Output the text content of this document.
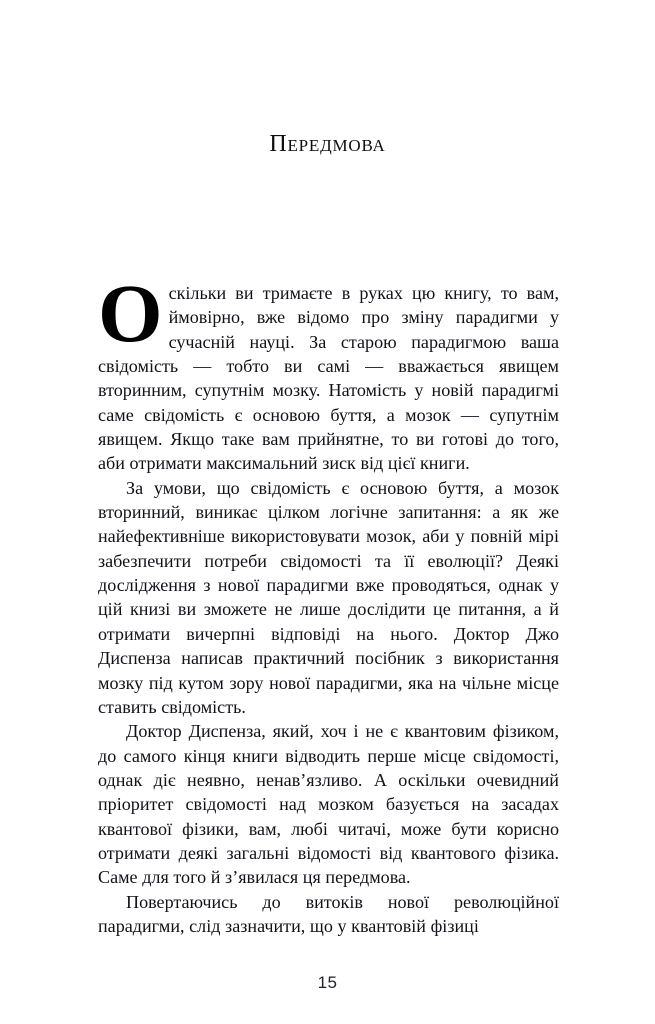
Передмова

Оскільки ви тримаєте в руках цю книгу, то вам, ймовірно, вже відомо про зміну парадигми у сучасній науці. За старою парадигмою ваша свідомість — тобто ви самі — вважається явищем вторинним, супутнім мозку. Натомість у новій парадигмі саме свідомість є основою буття, а мозок — супутнім явищем. Якщо таке вам прийнятне, то ви готові до того, аби отримати максимальний зиск від цієї книги.

За умови, що свідомість є основою буття, а мозок вторинний, виникає цілком логічне запитання: а як же найефективніше використовувати мозок, аби у повній мірі забезпечити потреби свідомості та її еволюції? Деякі дослідження з нової парадигми вже проводяться, однак у цій книзі ви зможете не лише дослідити це питання, а й отримати вичерпні відповіді на нього. Доктор Джо Диспенза написав практичний посібник з використання мозку під кутом зору нової парадигми, яка на чільне місце ставить свідомість.

Доктор Диспенза, який, хоч і не є квантовим фізиком, до самого кінця книги відводить перше місце свідомості, однак діє неявно, ненав’язливо. А оскільки очевидний пріоритет свідомості над мозком базується на засадах квантової фізики, вам, любі читачі, може бути корисно отримати деякі загальні відомості від квантового фізика. Саме для того й з’явилася ця передмова.

Повертаючись до витоків нової революційної парадигми, слід зазначити, що у квантовій фізиці

15
